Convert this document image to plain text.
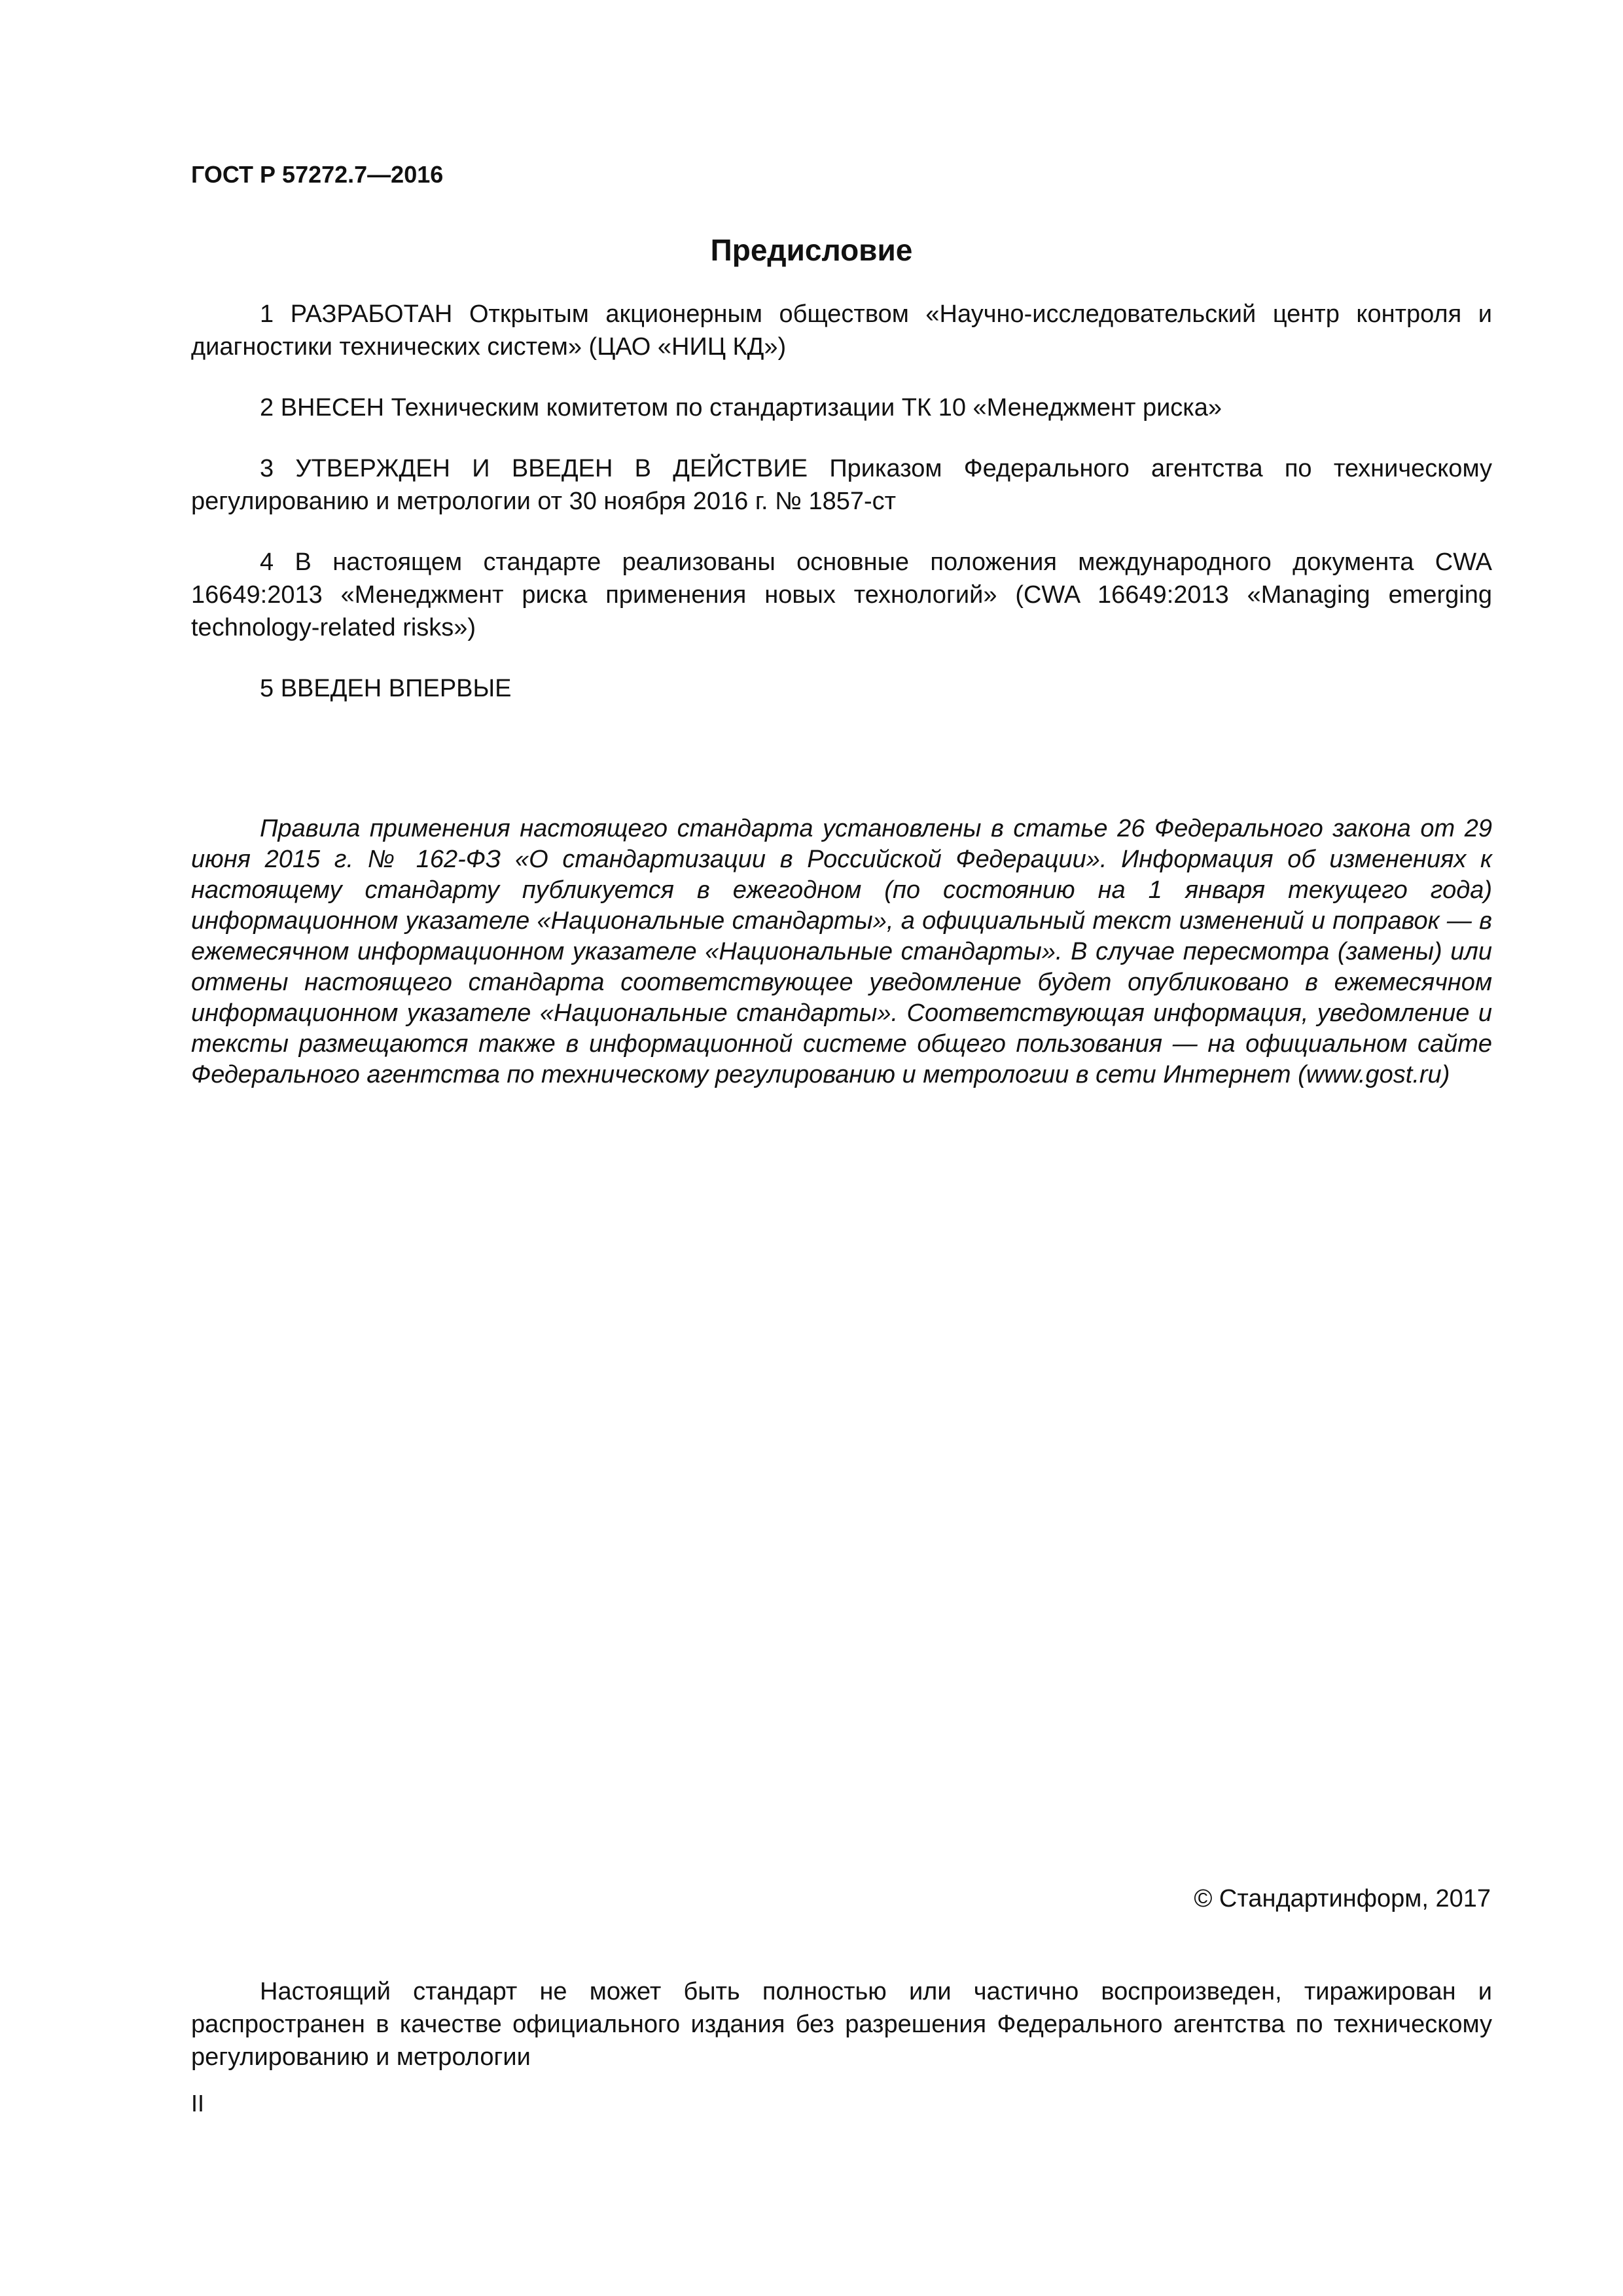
ГОСТ Р 57272.7—2016
Предисловие

1 РАЗРАБОТАН Открытым акционерным обществом «Научно-исследовательский центр контроля и диагностики технических систем» (ЦАО «НИЦ КД»)

2 ВНЕСЕН Техническим комитетом по стандартизации ТК 10 «Менеджмент риска»

3 УТВЕРЖДЕН И ВВЕДЕН В ДЕЙСТВИЕ Приказом Федерального агентства по техническому регулированию и метрологии от 30 ноября 2016 г. № 1857-ст

4 В настоящем стандарте реализованы основные положения международного документа CWA 16649:2013 «Менеджмент риска применения новых технологий» (CWA 16649:2013 «Managing emerging technology-related risks»)

5 ВВЕДЕН ВПЕРВЫЕ

Правила применения настоящего стандарта установлены в статье 26 Федерального закона от 29 июня 2015 г. № 162-ФЗ «О стандартизации в Российской Федерации». Информация об изменениях к настоящему стандарту публикуется в ежегодном (по состоянию на 1 января текущего года) информационном указателе «Национальные стандарты», а официальный текст изменений и поправок — в ежемесячном информационном указателе «Национальные стандарты». В случае пересмотра (замены) или отмены настоящего стандарта соответствующее уведомление будет опубликовано в ежемесячном информационном указателе «Национальные стандарты». Соответствующая информация, уведомление и тексты размещаются также в информационной системе общего пользования — на официальном сайте Федерального агентства по техническому регулированию и метрологии в сети Интернет (www.gost.ru)

© Стандартинформ, 2017

Настоящий стандарт не может быть полностью или частично воспроизведен, тиражирован и распространен в качестве официального издания без разрешения Федерального агентства по техническому регулированию и метрологии

II
